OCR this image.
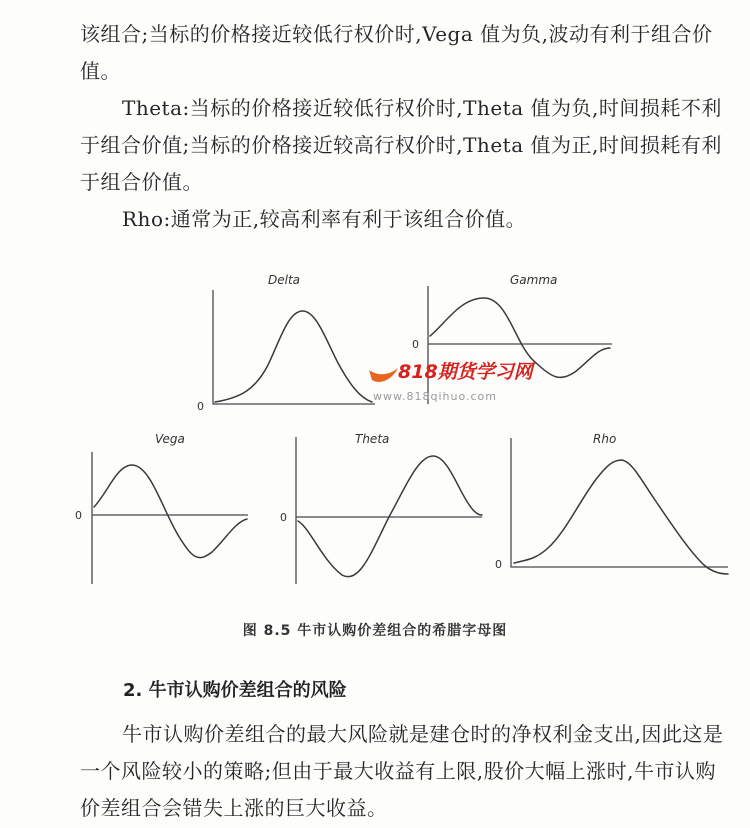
该组合;当标的价格接近较低行权价时,Vega 值为负,波动有利于组合价值。

Theta:当标的价格接近较低行权价时,Theta 值为负,时间损耗不利于组合价值;当标的价格接近较高行权价时,Theta 值为正,时间损耗有利于组合价值。

Rho:通常为正,较高利率有利于该组合价值。

Delta
0
Gamma
0
818期货学习网
www.818qihuo.com
Vega
0
Theta
0
Rho
0

图 8.5 牛市认购价差组合的希腊字母图

2. 牛市认购价差组合的风险

牛市认购价差组合的最大风险就是建仓时的净权利金支出,因此这是一个风险较小的策略;但由于最大收益有上限,股价大幅上涨时,牛市认购价差组合会错失上涨的巨大收益。
